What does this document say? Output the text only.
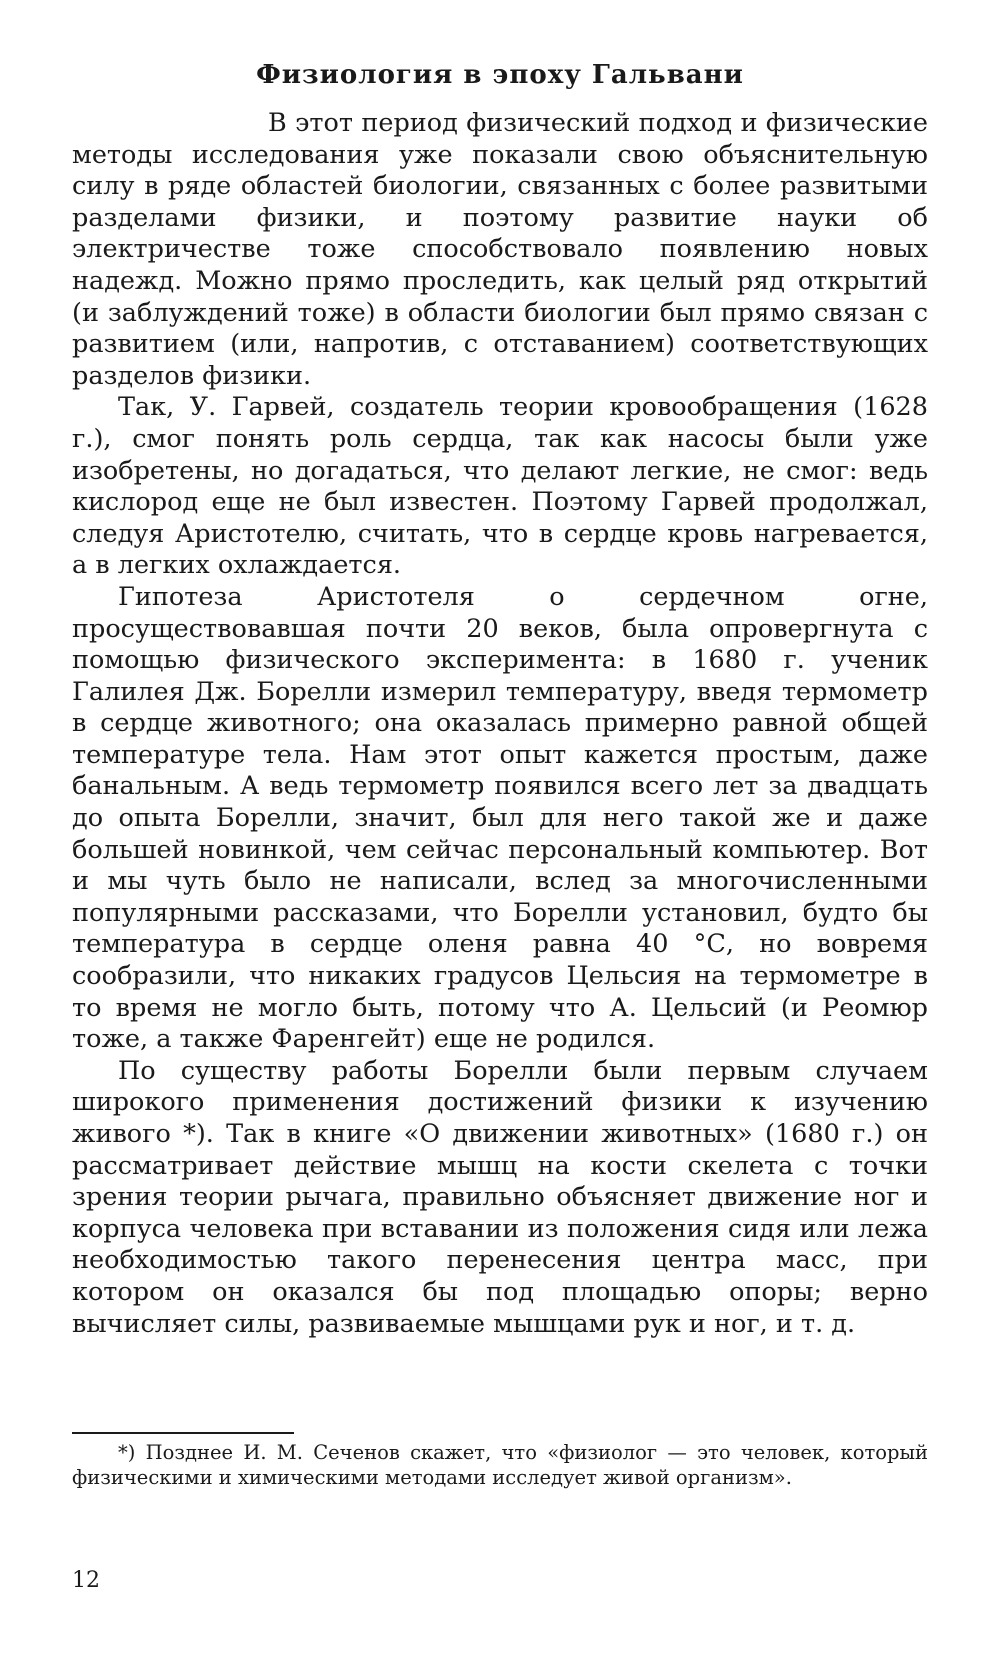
Физиология в эпоху Гальвани

В этот период физический подход и физические методы исследования уже показали свою объяснительную силу в ряде областей биологии, связанных с более развитыми разделами физики, и поэтому развитие науки об электричестве тоже способствовало появлению новых надежд. Можно прямо проследить, как целый ряд открытий (и заблуждений тоже) в области биологии был прямо связан с развитием (или, напротив, с отставанием) соответствующих разделов физики.

Так, У. Гарвей, создатель теории кровообращения (1628 г.), смог понять роль сердца, так как насосы были уже изобретены, но догадаться, что делают легкие, не смог: ведь кислород еще не был известен. Поэтому Гарвей продолжал, следуя Аристотелю, считать, что в сердце кровь нагревается, а в легких охлаждается.

Гипотеза Аристотеля о сердечном огне, просуществовавшая почти 20 веков, была опровергнута с помощью физического эксперимента: в 1680 г. ученик Галилея Дж. Борелли измерил температуру, введя термометр в сердце животного; она оказалась примерно равной общей температуре тела. Нам этот опыт кажется простым, даже банальным. А ведь термометр появился всего лет за двадцать до опыта Борелли, значит, был для него такой же и даже большей новинкой, чем сейчас персональный компьютер. Вот и мы чуть было не написали, вслед за многочисленными популярными рассказами, что Борелли установил, будто бы температура в сердце оленя равна 40 °С, но вовремя сообразили, что никаких градусов Цельсия на термометре в то время не могло быть, потому что А. Цельсий (и Реомюр тоже, а также Фаренгейт) еще не родился.

По существу работы Борелли были первым случаем широкого применения достижений физики к изучению живого *). Так в книге «О движении животных» (1680 г.) он рассматривает действие мышц на кости скелета с точки зрения теории рычага, правильно объясняет движение ног и корпуса человека при вставании из положения сидя или лежа необходимостью такого перенесения центра масс, при котором он оказался бы под площадью опоры; верно вычисляет силы, развиваемые мышцами рук и ног, и т. д.

*) Позднее И. М. Сеченов скажет, что «физиолог — это человек, который физическими и химическими методами исследует живой организм».

12
